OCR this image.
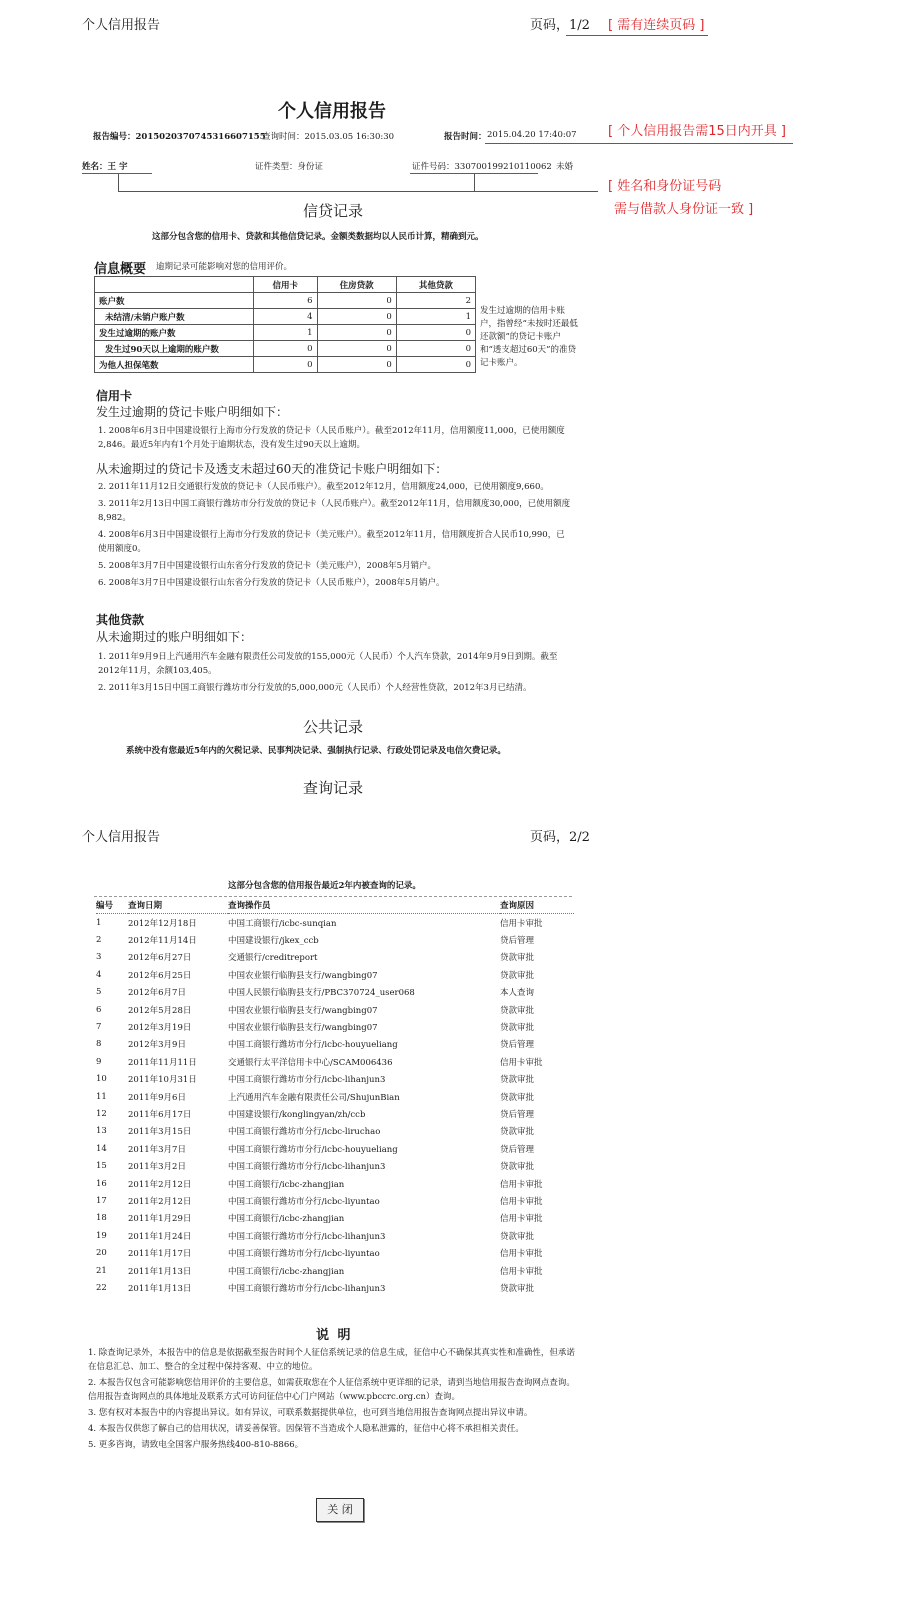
个人信用报告	页码，1/2 [ 需有连续页码 ]
个人信用报告
报告编号：2015020370745316607155
查询时间：2015.03.05 16:30:30	报告时间： 2015.04.20 17:40:07 [ 个人信用报告需15日内开具 ]
姓名：王 宇	证件类型：身份证	证件号码：330700199210110062 未婚
[ 姓名和身份证号码
需与借款人身份证一致 ]
信贷记录
这部分包含您的信用卡、贷款和其他信贷记录。金额类数据均以人民币计算，精确到元。
信息概要 逾期记录可能影响对您的信用评价。
	信用卡	住房贷款	其他贷款
账户数	6	0	2
未结清/未销户账户数	4	0	1
发生过逾期的账户数	1	0	0
发生过90天以上逾期的账户数	0	0	0
为他人担保笔数	0	0	0
发生过逾期的信用卡账户，指曾经“未按时还最低还款额”的贷记卡账户和“透支超过60天”的准贷记卡账户。
信用卡
发生过逾期的贷记卡账户明细如下：
1. 2008年6月3日中国建设银行上海市分行发放的贷记卡（人民币账户）。截至2012年11月，信用额度11,000，已使用额度2,846。最近5年内有1个月处于逾期状态，没有发生过90天以上逾期。
从未逾期过的贷记卡及透支未超过60天的准贷记卡账户明细如下：
2. 2011年11月12日交通银行发放的贷记卡（人民币账户）。截至2012年12月，信用额度24,000，已使用额度9,660。
3. 2011年2月13日中国工商银行潍坊市分行发放的贷记卡（人民币账户）。截至2012年11月，信用额度30,000，已使用额度8,982。
4. 2008年6月3日中国建设银行上海市分行发放的贷记卡（美元账户）。截至2012年11月，信用额度折合人民币10,990，已使用额度0。
5. 2008年3月7日中国建设银行山东省分行发放的贷记卡（美元账户），2008年5月销户。
6. 2008年3月7日中国建设银行山东省分行发放的贷记卡（人民币账户），2008年5月销户。
其他贷款
从未逾期过的账户明细如下：
1. 2011年9月9日上汽通用汽车金融有限责任公司发放的155,000元（人民币）个人汽车贷款，2014年9月9日到期。截至2012年11月，余额103,405。
2. 2011年3月15日中国工商银行潍坊市分行发放的5,000,000元（人民币）个人经营性贷款，2012年3月已结清。
公共记录
系统中没有您最近5年内的欠税记录、民事判决记录、强制执行记录、行政处罚记录及电信欠费记录。
查询记录
个人信用报告	页码，2/2
这部分包含您的信用报告最近2年内被查询的记录。
编号	查询日期	查询操作员	查询原因
1	2012年12月18日	中国工商银行/icbc-sunqian	信用卡审批
2	2012年11月14日	中国建设银行/jkex_ccb	贷后管理
3	2012年6月27日	交通银行/creditreport	贷款审批
4	2012年6月25日	中国农业银行临朐县支行/wangbing07	贷款审批
5	2012年6月7日	中国人民银行临朐县支行/PBC370724_user068	本人查询
6	2012年5月28日	中国农业银行临朐县支行/wangbing07	贷款审批
7	2012年3月19日	中国农业银行临朐县支行/wangbing07	贷款审批
8	2012年3月9日	中国工商银行潍坊市分行/icbc-houyueliang	贷后管理
9	2011年11月11日	交通银行太平洋信用卡中心/SCAM006436	信用卡审批
10	2011年10月31日	中国工商银行潍坊市分行/icbc-lihanjun3	贷款审批
11	2011年9月6日	上汽通用汽车金融有限责任公司/ShujunBian	贷款审批
12	2011年6月17日	中国建设银行/konglingyan/zh/ccb	贷后管理
13	2011年3月15日	中国工商银行潍坊市分行/icbc-liruchao	贷款审批
14	2011年3月7日	中国工商银行潍坊市分行/icbc-houyueliang	贷后管理
15	2011年3月2日	中国工商银行潍坊市分行/icbc-lihanjun3	贷款审批
16	2011年2月12日	中国工商银行/icbc-zhangjian	信用卡审批
17	2011年2月12日	中国工商银行潍坊市分行/icbc-liyuntao	信用卡审批
18	2011年1月29日	中国工商银行/icbc-zhangjian	信用卡审批
19	2011年1月24日	中国工商银行潍坊市分行/icbc-lihanjun3	贷款审批
20	2011年1月17日	中国工商银行潍坊市分行/icbc-liyuntao	信用卡审批
21	2011年1月13日	中国工商银行/icbc-zhangjian	信用卡审批
22	2011年1月13日	中国工商银行潍坊市分行/icbc-lihanjun3	贷款审批
说 明
1. 除查询记录外，本报告中的信息是依据截至报告时间个人征信系统记录的信息生成，征信中心不确保其真实性和准确性，但承诺在信息汇总、加工、整合的全过程中保持客观、中立的地位。
2. 本报告仅包含可能影响您信用评价的主要信息，如需获取您在个人征信系统中更详细的记录，请到当地信用报告查询网点查询。信用报告查询网点的具体地址及联系方式可访问征信中心门户网站（www.pbccrc.org.cn）查询。
3. 您有权对本报告中的内容提出异议。如有异议，可联系数据提供单位，也可到当地信用报告查询网点提出异议申请。
4. 本报告仅供您了解自己的信用状况，请妥善保管。因保管不当造成个人隐私泄露的，征信中心将不承担相关责任。
5. 更多咨询，请致电全国客户服务热线400-810-8866。
关 闭
